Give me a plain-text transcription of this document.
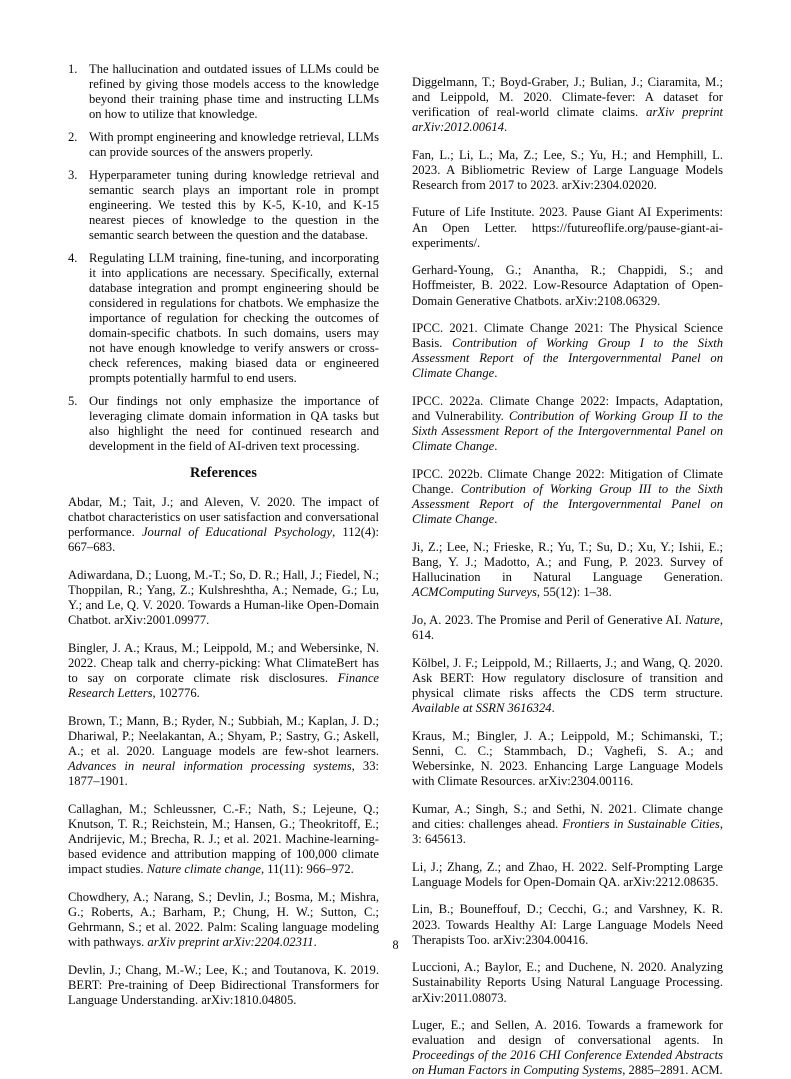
The hallucination and outdated issues of LLMs could be refined by giving those models access to the knowledge beyond their training phase time and instructing LLMs on how to utilize that knowledge.
With prompt engineering and knowledge retrieval, LLMs can provide sources of the answers properly.
Hyperparameter tuning during knowledge retrieval and semantic search plays an important role in prompt engineering. We tested this by K-5, K-10, and K-15 nearest pieces of knowledge to the question in the semantic search between the question and the database.
Regulating LLM training, fine-tuning, and incorporating it into applications are necessary. Specifically, external database integration and prompt engineering should be considered in regulations for chatbots. We emphasize the importance of regulation for checking the outcomes of domain-specific chatbots. In such domains, users may not have enough knowledge to verify answers or cross-check references, making biased data or engineered prompts potentially harmful to end users.
Our findings not only emphasize the importance of leveraging climate domain information in QA tasks but also highlight the need for continued research and development in the field of AI-driven text processing.
References

Abdar, M.; Tait, J.; and Aleven, V. 2020. The impact of chatbot characteristics on user satisfaction and conversational performance. Journal of Educational Psychology, 112(4): 667–683.

Adiwardana, D.; Luong, M.-T.; So, D. R.; Hall, J.; Fiedel, N.; Thoppilan, R.; Yang, Z.; Kulshreshtha, A.; Nemade, G.; Lu, Y.; and Le, Q. V. 2020. Towards a Human-like Open-Domain Chatbot. arXiv:2001.09977.

Bingler, J. A.; Kraus, M.; Leippold, M.; and Webersinke, N. 2022. Cheap talk and cherry-picking: What ClimateBert has to say on corporate climate risk disclosures. Finance Research Letters, 102776.

Brown, T.; Mann, B.; Ryder, N.; Subbiah, M.; Kaplan, J. D.; Dhariwal, P.; Neelakantan, A.; Shyam, P.; Sastry, G.; Askell, A.; et al. 2020. Language models are few-shot learners. Advances in neural information processing systems, 33: 1877–1901.

Callaghan, M.; Schleussner, C.-F.; Nath, S.; Lejeune, Q.; Knutson, T. R.; Reichstein, M.; Hansen, G.; Theokritoff, E.; Andrijevic, M.; Brecha, R. J.; et al. 2021. Machine-learning-based evidence and attribution mapping of 100,000 climate impact studies. Nature climate change, 11(11): 966–972.

Chowdhery, A.; Narang, S.; Devlin, J.; Bosma, M.; Mishra, G.; Roberts, A.; Barham, P.; Chung, H. W.; Sutton, C.; Gehrmann, S.; et al. 2022. Palm: Scaling language modeling with pathways. arXiv preprint arXiv:2204.02311.

Devlin, J.; Chang, M.-W.; Lee, K.; and Toutanova, K. 2019. BERT: Pre-training of Deep Bidirectional Transformers for Language Understanding. arXiv:1810.04805.

Diggelmann, T.; Boyd-Graber, J.; Bulian, J.; Ciaramita, M.; and Leippold, M. 2020. Climate-fever: A dataset for verification of real-world climate claims. arXiv preprint arXiv:2012.00614.

Fan, L.; Li, L.; Ma, Z.; Lee, S.; Yu, H.; and Hemphill, L. 2023. A Bibliometric Review of Large Language Models Research from 2017 to 2023. arXiv:2304.02020.

Future of Life Institute. 2023. Pause Giant AI Experiments: An Open Letter. https://futureoflife.org/pause-giant-ai-experiments/.

Gerhard-Young, G.; Anantha, R.; Chappidi, S.; and Hoffmeister, B. 2022. Low-Resource Adaptation of Open-Domain Generative Chatbots. arXiv:2108.06329.

IPCC. 2021. Climate Change 2021: The Physical Science Basis. Contribution of Working Group I to the Sixth Assessment Report of the Intergovernmental Panel on Climate Change.

IPCC. 2022a. Climate Change 2022: Impacts, Adaptation, and Vulnerability. Contribution of Working Group II to the Sixth Assessment Report of the Intergovernmental Panel on Climate Change.

IPCC. 2022b. Climate Change 2022: Mitigation of Climate Change. Contribution of Working Group III to the Sixth Assessment Report of the Intergovernmental Panel on Climate Change.

Ji, Z.; Lee, N.; Frieske, R.; Yu, T.; Su, D.; Xu, Y.; Ishii, E.; Bang, Y. J.; Madotto, A.; and Fung, P. 2023. Survey of Hallucination in Natural Language Generation. ACMComputing Surveys, 55(12): 1–38.

Jo, A. 2023. The Promise and Peril of Generative AI. Nature, 614.

Kölbel, J. F.; Leippold, M.; Rillaerts, J.; and Wang, Q. 2020. Ask BERT: How regulatory disclosure of transition and physical climate risks affects the CDS term structure. Available at SSRN 3616324.

Kraus, M.; Bingler, J. A.; Leippold, M.; Schimanski, T.; Senni, C. C.; Stammbach, D.; Vaghefi, S. A.; and Webersinke, N. 2023. Enhancing Large Language Models with Climate Resources. arXiv:2304.00116.

Kumar, A.; Singh, S.; and Sethi, N. 2021. Climate change and cities: challenges ahead. Frontiers in Sustainable Cities, 3: 645613.

Li, J.; Zhang, Z.; and Zhao, H. 2022. Self-Prompting Large Language Models for Open-Domain QA. arXiv:2212.08635.

Lin, B.; Bouneffouf, D.; Cecchi, G.; and Varshney, K. R. 2023. Towards Healthy AI: Large Language Models Need Therapists Too. arXiv:2304.00416.

Luccioni, A.; Baylor, E.; and Duchene, N. 2020. Analyzing Sustainability Reports Using Natural Language Processing. arXiv:2011.08073.

Luger, E.; and Sellen, A. 2016. Towards a framework for evaluation and design of conversational agents. In Proceedings of the 2016 CHI Conference Extended Abstracts on Human Factors in Computing Systems, 2885–2891. ACM.

8
